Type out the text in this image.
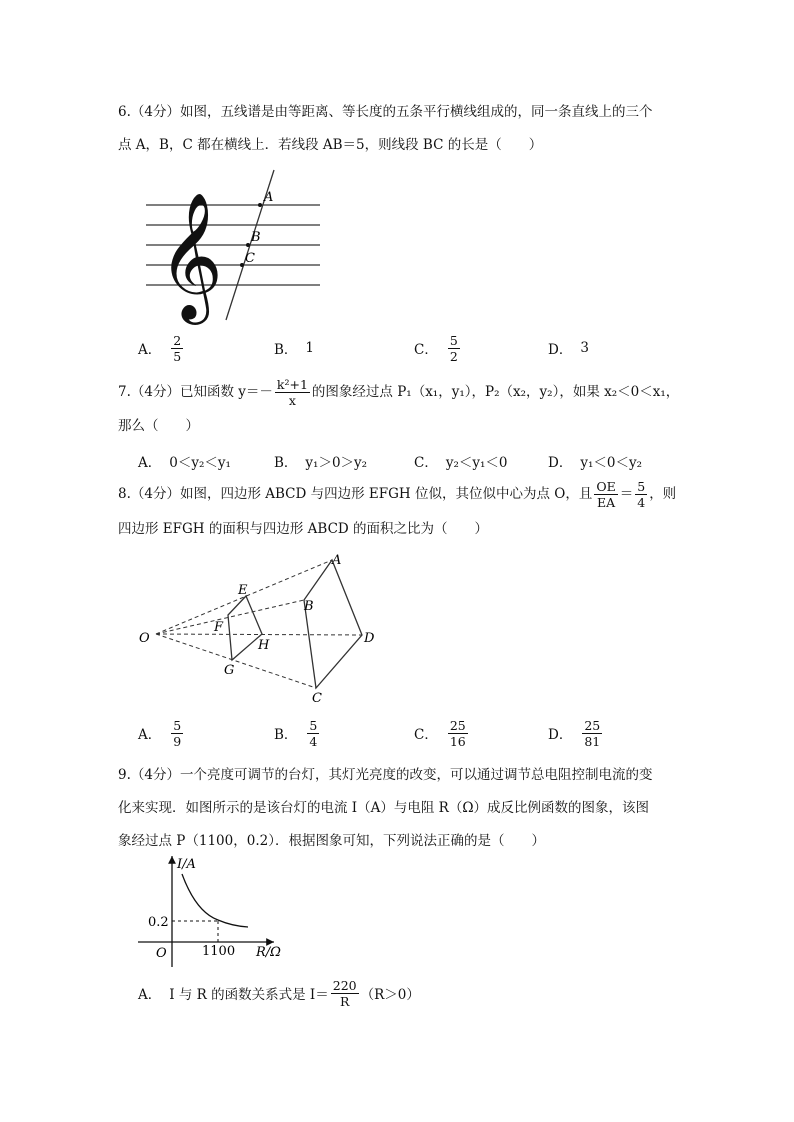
6.（4分）如图，五线谱是由等距离、等长度的五条平行横线组成的，同一条直线上的三个
点 A，B，C 都在横线上．若线段 AB＝5，则线段 BC 的长是（　　）
𝄞	A
B
C
A． $\frac{2}{5}$	B． 1	C． $\frac{5}{2}$	D． 3
7.（4分）已知函数 $y=- \frac{\text{k²+1}}{x}$ 的图象经过点 P₁（x₁，y₁），P₂（x₂，y₂），如果 x₂＜0＜x₁，
那么（　　）
A． 0＜y₂＜y₁	B． y₁＞0＞y₂	C． y₂＜y₁＜0	D． y₁＜0＜y₂
8.（4分）如图，四边形 ABCD 与四边形 EFGH 位似，其位似中心为点 O，且 $\frac{OE}{EA} = \frac{5}{4}$ ，则
四边形 EFGH 的面积与四边形 ABCD 的面积之比为（　　）
A
B
C
D
E
F
G
H
O
A． $\frac{5}{9}$	B． $\frac{5}{4}$	C． $\frac{25}{16}$	D． $\frac{25}{81}$
9.（4分）一个亮度可调节的台灯，其灯光亮度的改变，可以通过调节总电阻控制电流的变
化来实现．如图所示的是该台灯的电流 I（A）与电阻 R（Ω）成反比例函数的图象，该图
象经过点 P（1100，0.2）．根据图象可知，下列说法正确的是（　　）
I/A
R/Ω
O
0.2
1100
A． I 与 R 的函数关系式是 $I= \frac{220}{R} (R>0)$
